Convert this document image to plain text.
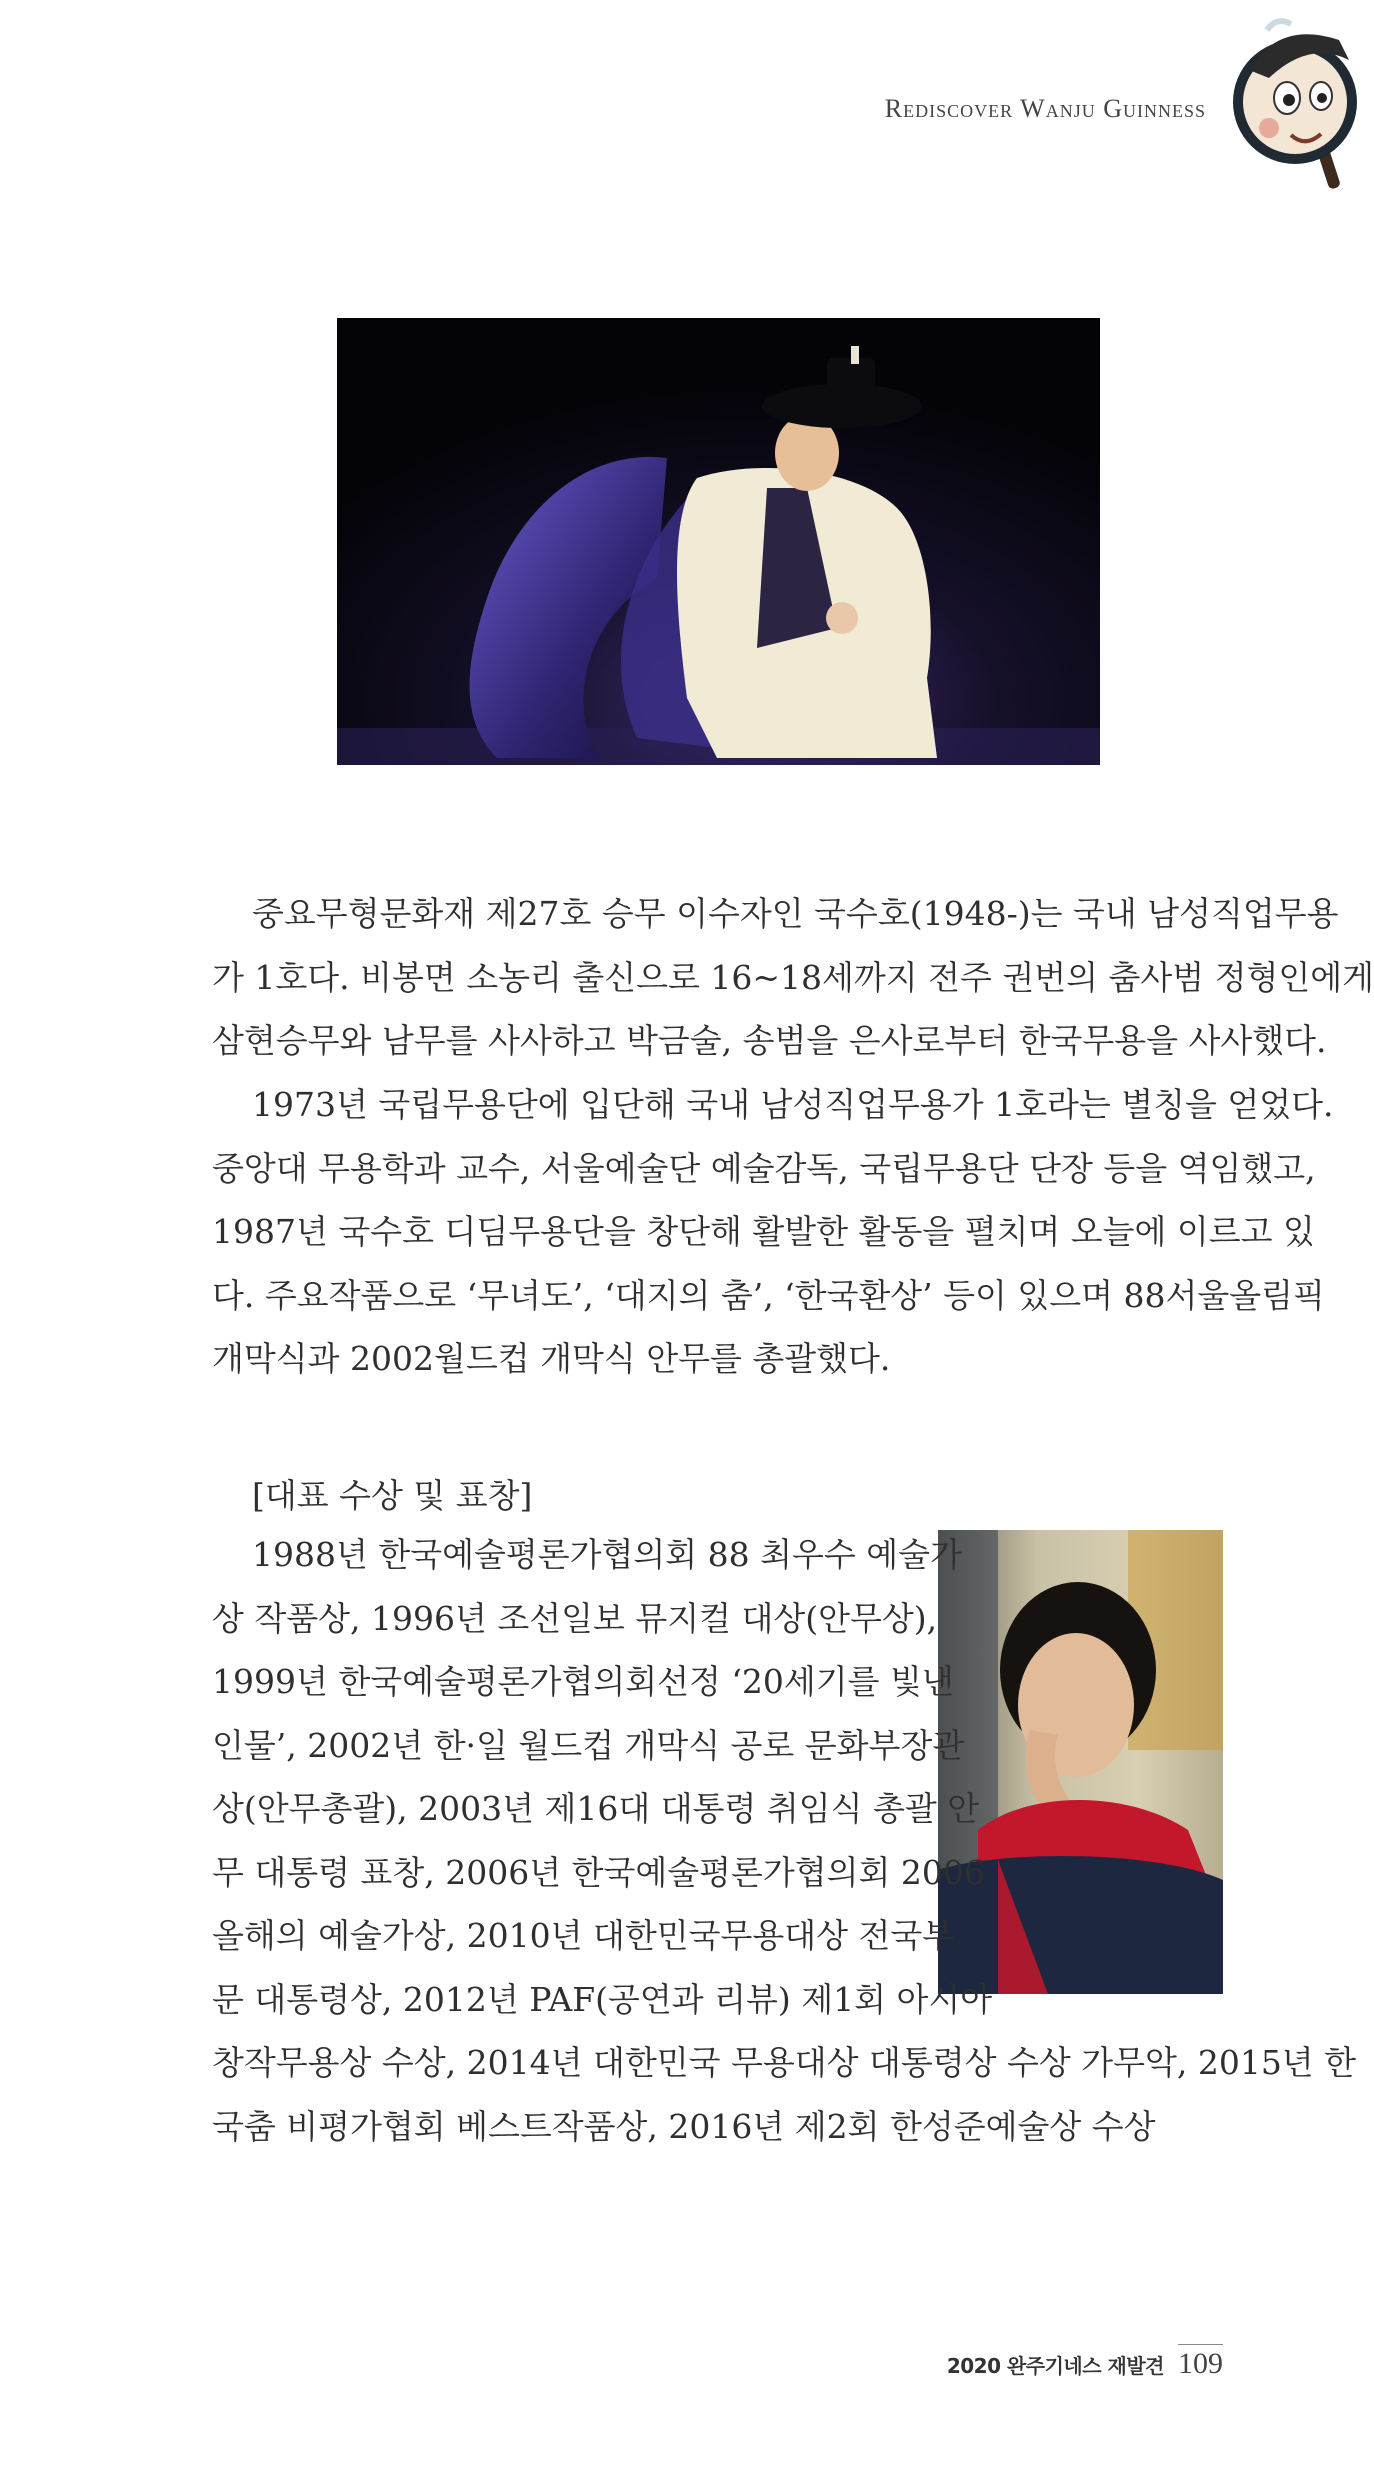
Rediscover Wanju Guinness
중요무형문화재 제27호 승무 이수자인 국수호(1948-)는 국내 남성직업무용
가 1호다. 비봉면 소농리 출신으로 16~18세까지 전주 권번의 춤사범 정형인에게
삼현승무와 남무를 사사하고 박금술, 송범을 은사로부터 한국무용을 사사했다.
1973년 국립무용단에 입단해 국내 남성직업무용가 1호라는 별칭을 얻었다.
중앙대 무용학과 교수, 서울예술단 예술감독, 국립무용단 단장 등을 역임했고,
1987년 국수호 디딤무용단을 창단해 활발한 활동을 펼치며 오늘에 이르고 있
다. 주요작품으로 ‘무녀도’, ‘대지의 춤’, ‘한국환상’ 등이 있으며 88서울올림픽
개막식과 2002월드컵 개막식 안무를 총괄했다.
[대표 수상 및 표창]
1988년 한국예술평론가협의회 88 최우수 예술가
상 작품상, 1996년 조선일보 뮤지컬 대상(안무상),
1999년 한국예술평론가협의회선정 ‘20세기를 빛낸
인물’, 2002년 한·일 월드컵 개막식 공로 문화부장관
상(안무총괄), 2003년 제16대 대통령 취임식 총괄 안
무 대통령 표창, 2006년 한국예술평론가협의회 2006
올해의 예술가상, 2010년 대한민국무용대상 전국부
문 대통령상, 2012년 PAF(공연과 리뷰) 제1회 아시아
창작무용상 수상, 2014년 대한민국 무용대상 대통령상 수상 가무악, 2015년 한
국춤 비평가협회 베스트작품상, 2016년 제2회 한성준예술상 수상
2020 완주기네스 재발견 109
